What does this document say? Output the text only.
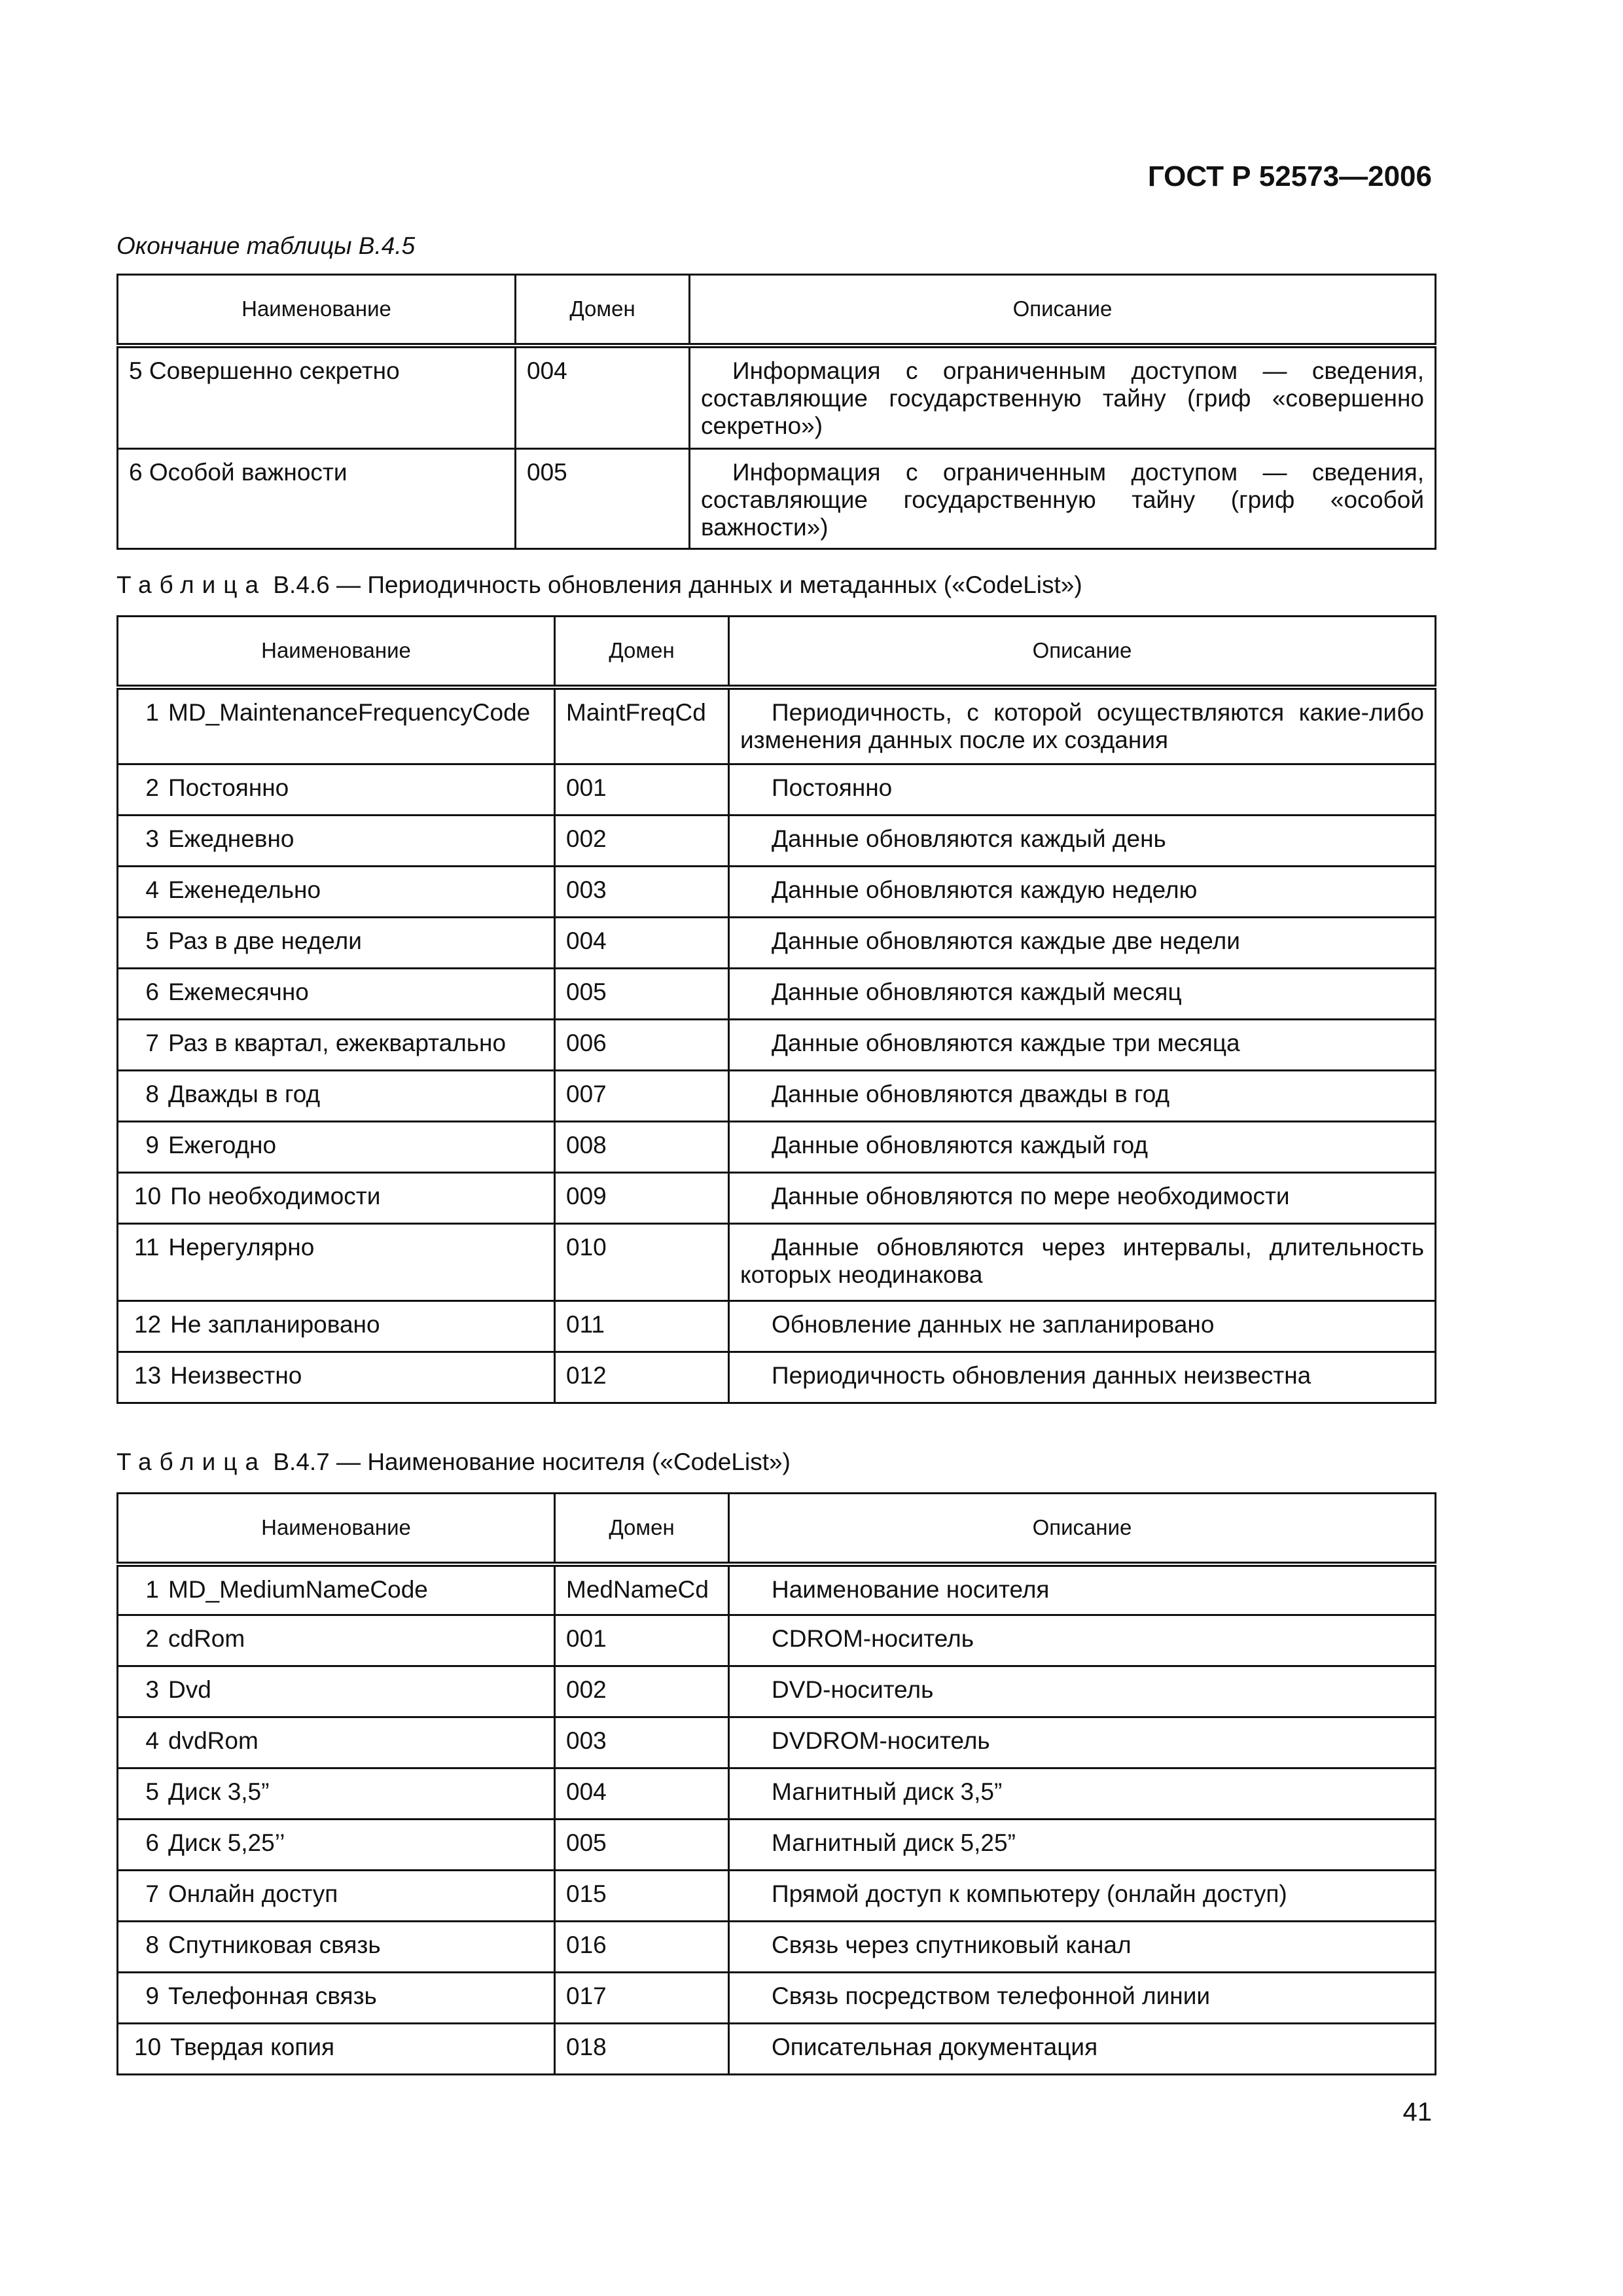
ГОСТ Р 52573—2006
Окончание таблицы В.4.5
Наименование	Домен	Описание
5 Совершенно секретно	004	Информация с ограниченным доступом — сведения, составляющие государственную тайну (гриф «совершенно секретно»)
6 Особой важности	005	Информация с ограниченным доступом — сведения, составляющие государственную тайну (гриф «особой важности»)
Таблица В.4.6 — Периодичность обновления данных и метаданных («CodeList»)
Наименование	Домен	Описание
1 MD_MaintenanceFrequencyCode	MaintFreqCd	Периодичность, с которой осуществляются какие-либо изменения данных после их создания
2 Постоянно	001	Постоянно
3 Ежедневно	002	Данные обновляются каждый день
4 Еженедельно	003	Данные обновляются каждую неделю
5 Раз в две недели	004	Данные обновляются каждые две недели
6 Ежемесячно	005	Данные обновляются каждый месяц
7 Раз в квартал, ежеквартально	006	Данные обновляются каждые три месяца
8 Дважды в год	007	Данные обновляются дважды в год
9 Ежегодно	008	Данные обновляются каждый год
10 По необходимости	009	Данные обновляются по мере необходимости
11 Нерегулярно	010	Данные обновляются через интервалы, длительность которых неодинакова
12 Не запланировано	011	Обновление данных не запланировано
13 Неизвестно	012	Периодичность обновления данных неизвестна
Таблица В.4.7 — Наименование носителя («CodeList»)
Наименование	Домен	Описание
1 MD_MediumNameCode	MedNameCd	Наименование носителя
2 cdRom	001	CDROM-носитель
3 Dvd	002	DVD-носитель
4 dvdRom	003	DVDROM-носитель
5 Диск 3,5”	004	Магнитный диск 3,5”
6 Диск 5,25’’	005	Магнитный диск 5,25”
7 Онлайн доступ	015	Прямой доступ к компьютеру (онлайн доступ)
8 Спутниковая связь	016	Связь через спутниковый канал
9 Телефонная связь	017	Связь посредством телефонной линии
10 Твердая копия	018	Описательная документация
41
